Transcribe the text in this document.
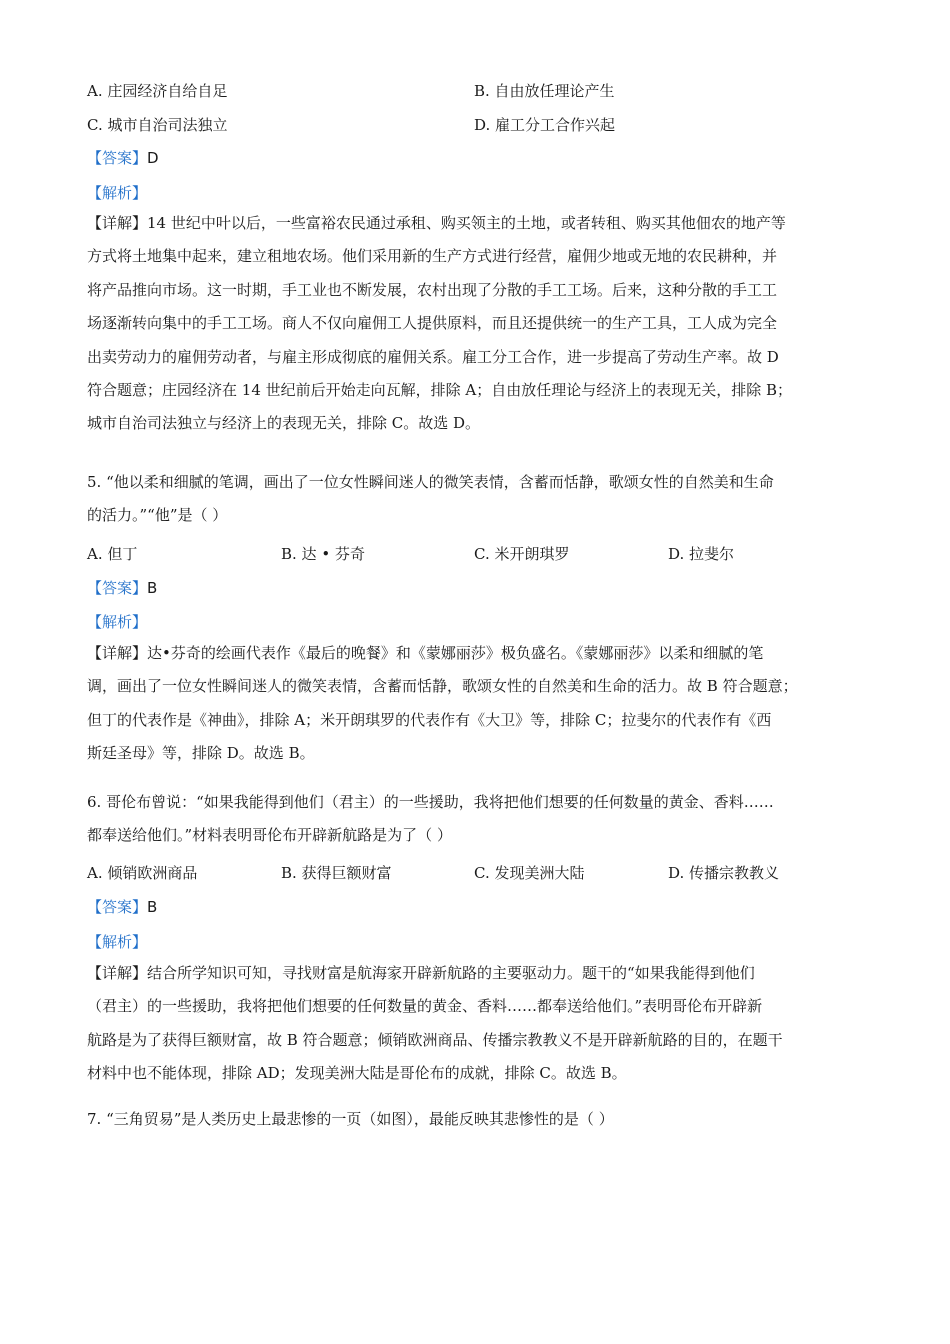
A. 庄园经济自给自足	B. 自由放任理论产生
C. 城市自治司法独立	D. 雇工分工合作兴起
【答案】D
【解析】
【详解】14 世纪中叶以后，一些富裕农民通过承租、购买领主的土地，或者转租、购买其他佃农的地产等
方式将土地集中起来，建立租地农场。他们采用新的生产方式进行经营，雇佣少地或无地的农民耕种，并
将产品推向市场。这一时期，手工业也不断发展，农村出现了分散的手工工场。后来，这种分散的手工工
场逐渐转向集中的手工工场。商人不仅向雇佣工人提供原料，而且还提供统一的生产工具，工人成为完全
出卖劳动力的雇佣劳动者，与雇主形成彻底的雇佣关系。雇工分工合作，进一步提高了劳动生产率。故 D
符合题意；庄园经济在 14 世纪前后开始走向瓦解，排除 A；自由放任理论与经济上的表现无关，排除 B；
城市自治司法独立与经济上的表现无关，排除 C。故选 D。
5. “他以柔和细腻的笔调，画出了一位女性瞬间迷人的微笑表情，含蓄而恬静，歌颂女性的自然美和生命
的活力。”“他”是（ ）
A. 但丁	B. 达 • 芬奇	C. 米开朗琪罗	D. 拉斐尔
【答案】B
【解析】
【详解】达•芬奇的绘画代表作《最后的晚餐》和《蒙娜丽莎》极负盛名。《蒙娜丽莎》以柔和细腻的笔
调，画出了一位女性瞬间迷人的微笑表情，含蓄而恬静，歌颂女性的自然美和生命的活力。故 B 符合题意；
但丁的代表作是《神曲》，排除 A；米开朗琪罗的代表作有《大卫》等，排除 C；拉斐尔的代表作有《西
斯廷圣母》等，排除 D。故选 B。
6. 哥伦布曾说：“如果我能得到他们（君主）的一些援助，我将把他们想要的任何数量的黄金、香料……
都奉送给他们。”材料表明哥伦布开辟新航路是为了（ ）
A. 倾销欧洲商品	B. 获得巨额财富	C. 发现美洲大陆	D. 传播宗教教义
【答案】B
【解析】
【详解】结合所学知识可知，寻找财富是航海家开辟新航路的主要驱动力。题干的“如果我能得到他们
（君主）的一些援助，我将把他们想要的任何数量的黄金、香料……都奉送给他们。”表明哥伦布开辟新
航路是为了获得巨额财富，故 B 符合题意；倾销欧洲商品、传播宗教教义不是开辟新航路的目的，在题干
材料中也不能体现，排除 AD；发现美洲大陆是哥伦布的成就，排除 C。故选 B。
7. “三角贸易”是人类历史上最悲惨的一页（如图），最能反映其悲惨性的是（ ）
